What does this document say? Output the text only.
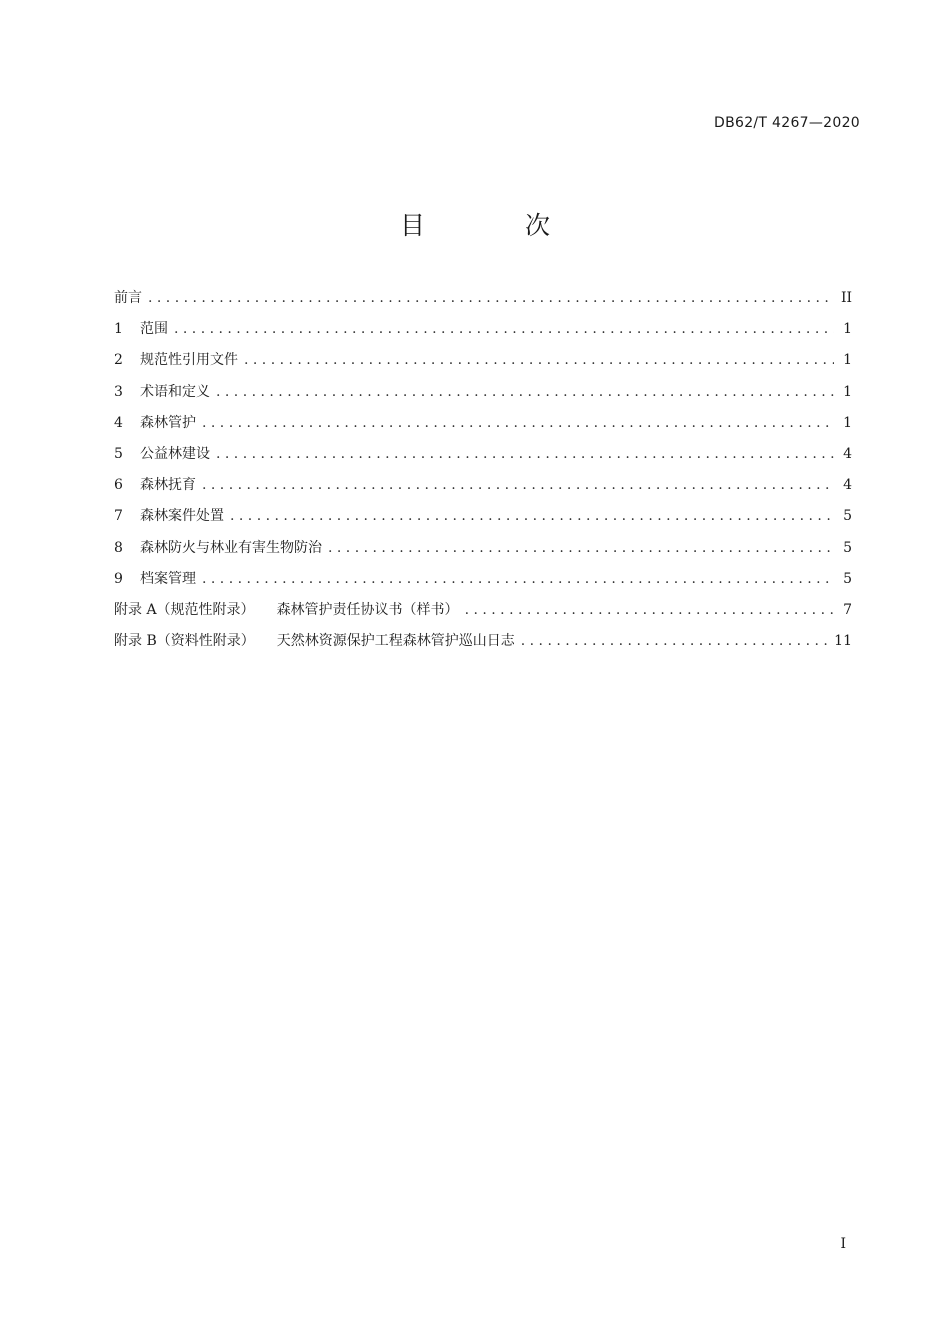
DB62/T 4267—2020
目 次
前言 . . .	II
1	范围 . . .	1
2	规范性引用文件 . . .	1
3	术语和定义 . . .	1
4	森林管护 . . .	1
5	公益林建设 . . .	4
6	森林抚育 . . .	4
7	森林案件处置 . . .	5
8	森林防火与林业有害生物防治 . . .	5
9	档案管理 . . .	5
附录 A（规范性附录） 森林管护责任协议书（样书） . . .	7
附录 B（资料性附录） 天然林资源保护工程森林管护巡山日志 . . .	11
I
